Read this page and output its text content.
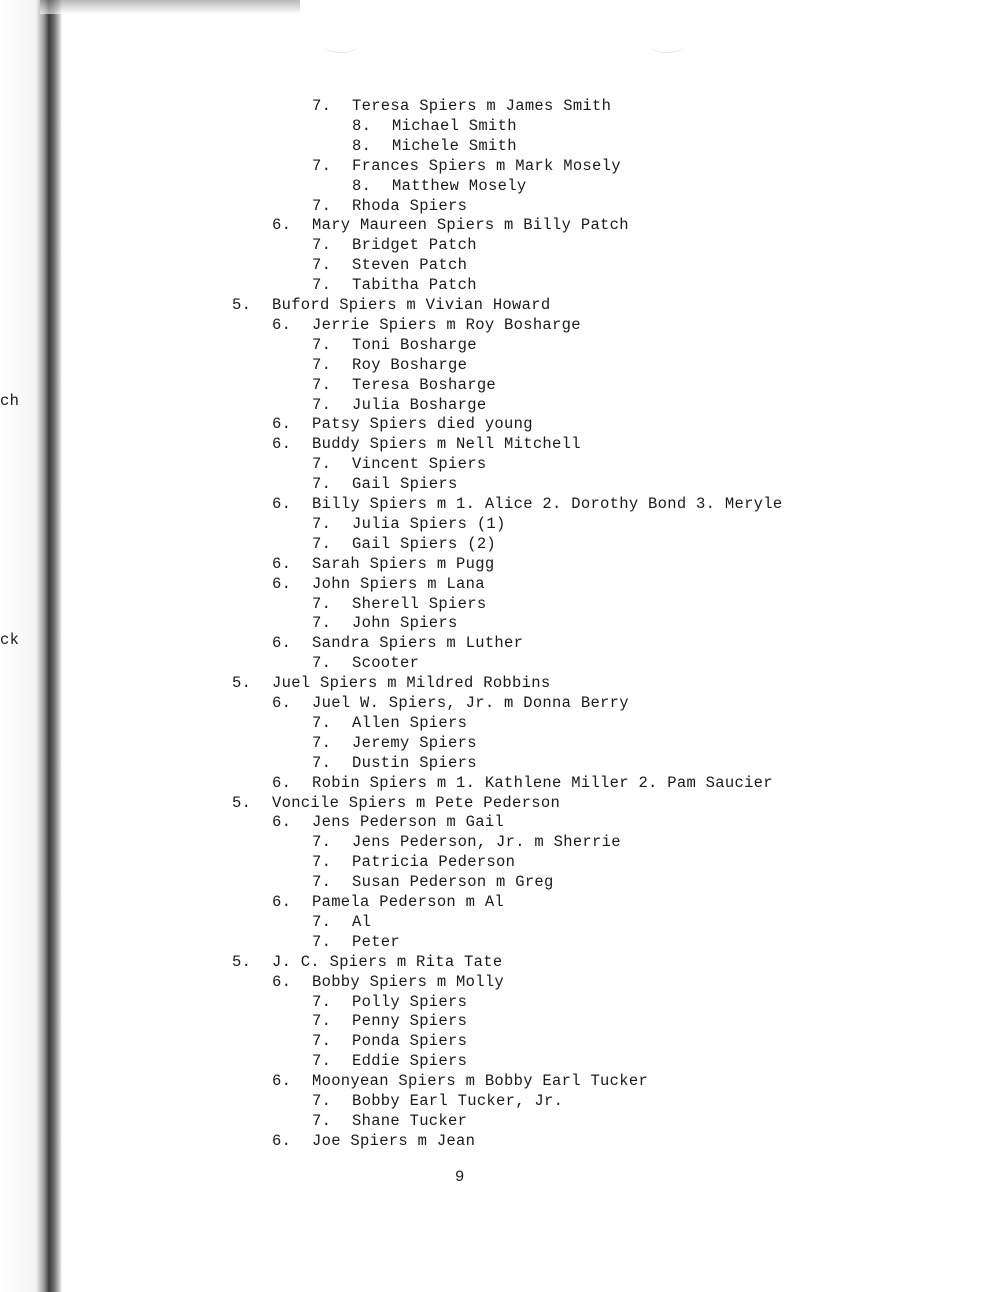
ch
ck
7. Teresa Spiers m James Smith
8. Michael Smith
8. Michele Smith
7. Frances Spiers m Mark Mosely
8. Matthew Mosely
7. Rhoda Spiers
6. Mary Maureen Spiers m Billy Patch
7. Bridget Patch
7. Steven Patch
7. Tabitha Patch
5. Buford Spiers m Vivian Howard
6. Jerrie Spiers m Roy Bosharge
7. Toni Bosharge
7. Roy Bosharge
7. Teresa Bosharge
7. Julia Bosharge
6. Patsy Spiers died young
6. Buddy Spiers m Nell Mitchell
7. Vincent Spiers
7. Gail Spiers
6. Billy Spiers m 1. Alice 2. Dorothy Bond 3. Meryle
7. Julia Spiers (1)
7. Gail Spiers (2)
6. Sarah Spiers m Pugg
6. John Spiers m Lana
7. Sherell Spiers
7. John Spiers
6. Sandra Spiers m Luther
7. Scooter
5. Juel Spiers m Mildred Robbins
6. Juel W. Spiers, Jr. m Donna Berry
7. Allen Spiers
7. Jeremy Spiers
7. Dustin Spiers
6. Robin Spiers m 1. Kathlene Miller 2. Pam Saucier
5. Voncile Spiers m Pete Pederson
6. Jens Pederson m Gail
7. Jens Pederson, Jr. m Sherrie
7. Patricia Pederson
7. Susan Pederson m Greg
6. Pamela Pederson m Al
7. Al
7. Peter
5. J. C. Spiers m Rita Tate
6. Bobby Spiers m Molly
7. Polly Spiers
7. Penny Spiers
7. Ponda Spiers
7. Eddie Spiers
6. Moonyean Spiers m Bobby Earl Tucker
7. Bobby Earl Tucker, Jr.
7. Shane Tucker
6. Joe Spiers m Jean
9
